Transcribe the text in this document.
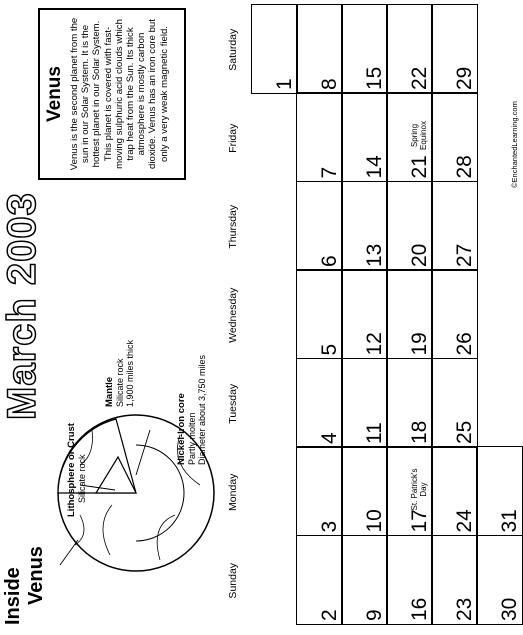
March 2003
Venus Venus is the second planet from the sun in our Solar System. It is the hottest planet in our Solar System. This planet is covered with fast-moving sulphuric acid clouds which trap heat from the Sun. Its thick atmosphere is mostly carbon dioxide. Venus has an iron core but only a very weak magnetic field.
Inside Venus
Lithosphere or Crust
Silicate rock
Mantle
Silicate rock
1,900 miles thick
Nickel-Iron core
Partly molten
Diameter about 3,750 miles
Sunday
Monday
Tuesday
Wednesday
Thursday
Friday
Saturday
1
2
3
4
5
6
7
8
9
10
11
12
13
14
15
16
17
St. Patrick's Day
18
19
20
21
Spring Equinox
22
23
24
25
26
27
28
29
30
31
©EnchantedLearning.com
